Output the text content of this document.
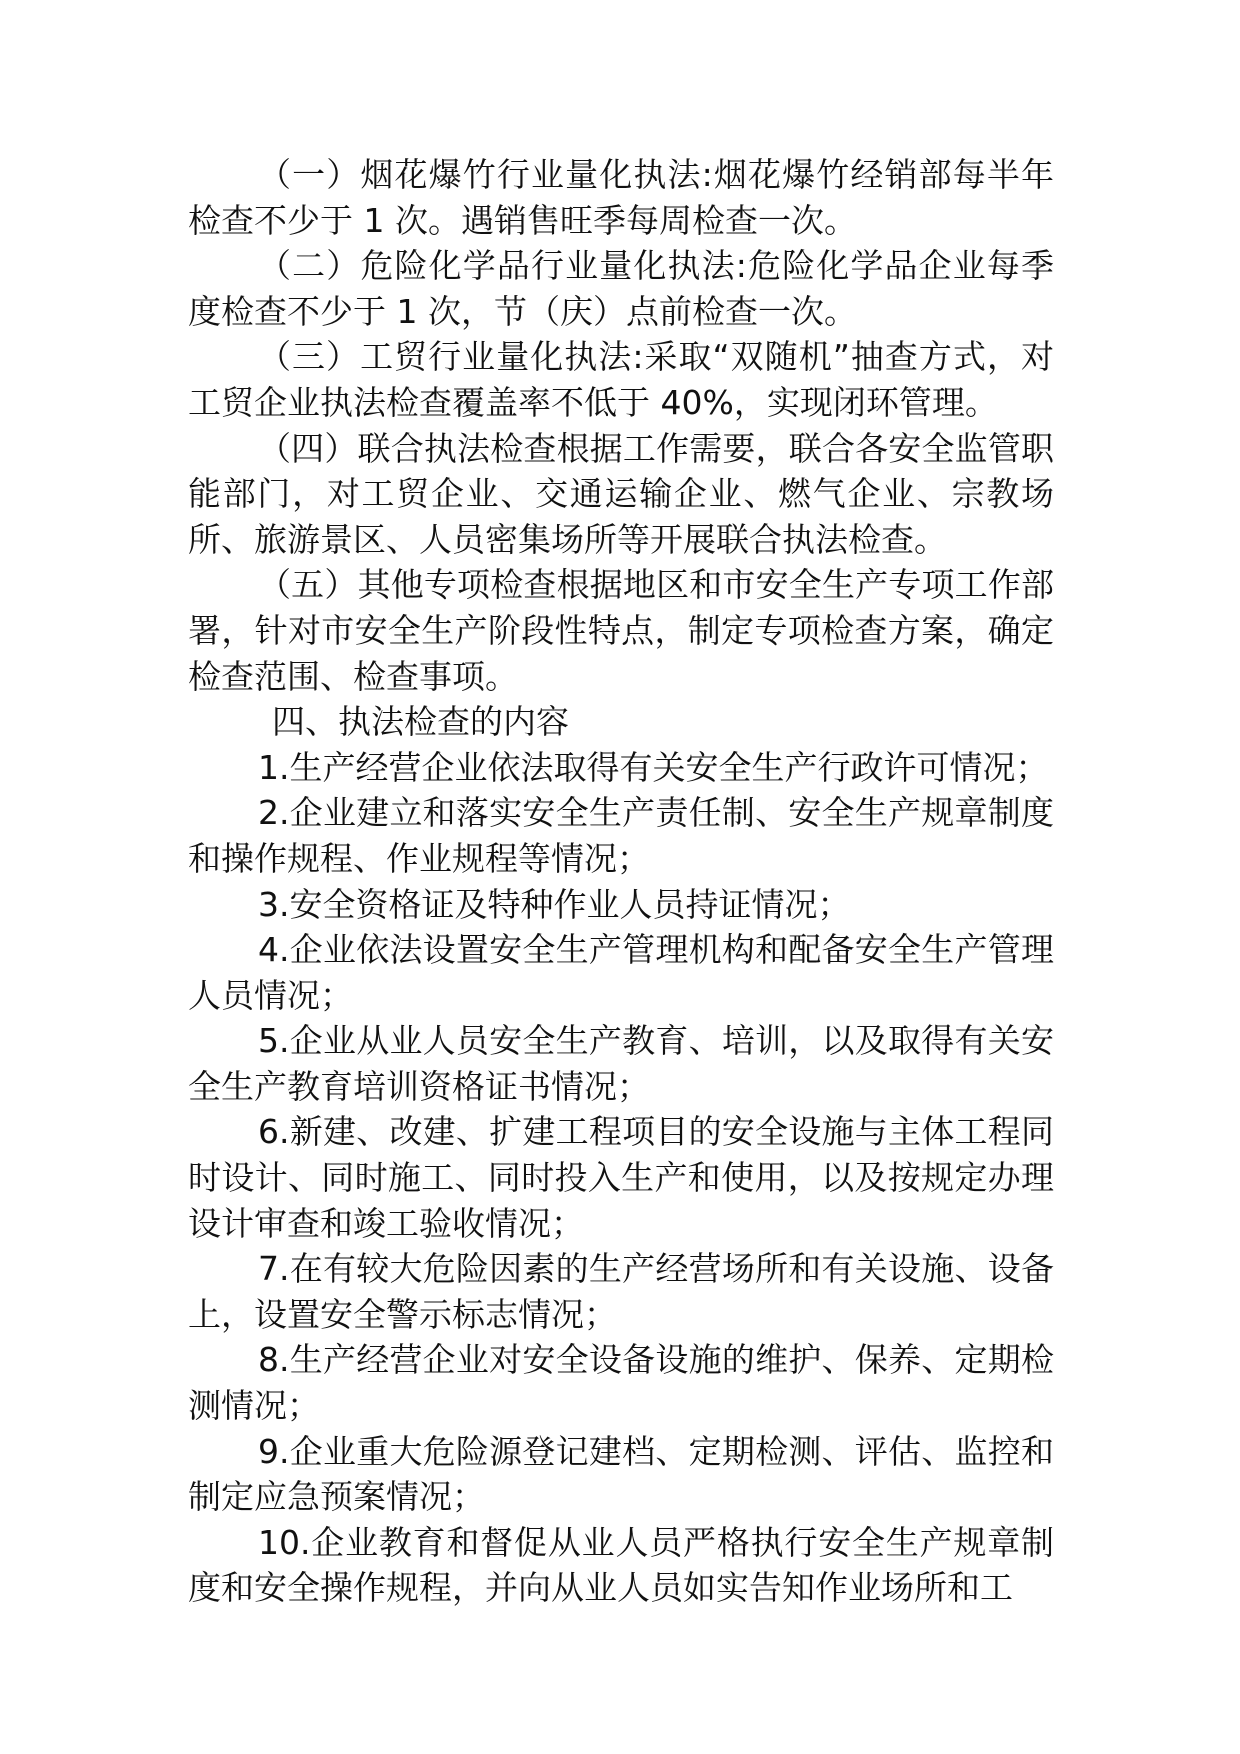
（一）烟花爆竹行业量化执法:烟花爆竹经销部每半年检查不少于 1 次。遇销售旺季每周检查一次。

（二）危险化学品行业量化执法:危险化学品企业每季度检查不少于 1 次，节（庆）点前检查一次。

（三）工贸行业量化执法:采取“双随机”抽查方式，对工贸企业执法检查覆盖率不低于 40%，实现闭环管理。

（四）联合执法检查根据工作需要，联合各安全监管职能部门，对工贸企业、交通运输企业、燃气企业、宗教场所、旅游景区、人员密集场所等开展联合执法检查。

（五）其他专项检查根据地区和市安全生产专项工作部署，针对市安全生产阶段性特点，制定专项检查方案，确定检查范围、检查事项。

四、执法检查的内容

1.生产经营企业依法取得有关安全生产行政许可情况；

2.企业建立和落实安全生产责任制、安全生产规章制度和操作规程、作业规程等情况；

3.安全资格证及特种作业人员持证情况；

4.企业依法设置安全生产管理机构和配备安全生产管理人员情况；

5.企业从业人员安全生产教育、培训，以及取得有关安全生产教育培训资格证书情况；

6.新建、改建、扩建工程项目的安全设施与主体工程同时设计、同时施工、同时投入生产和使用，以及按规定办理设计审查和竣工验收情况；

7.在有较大危险因素的生产经营场所和有关设施、设备上，设置安全警示标志情况；

8.生产经营企业对安全设备设施的维护、保养、定期检测情况；

9.企业重大危险源登记建档、定期检测、评估、监控和制定应急预案情况；

10.企业教育和督促从业人员严格执行安全生产规章制度和安全操作规程，并向从业人员如实告知作业场所和工
